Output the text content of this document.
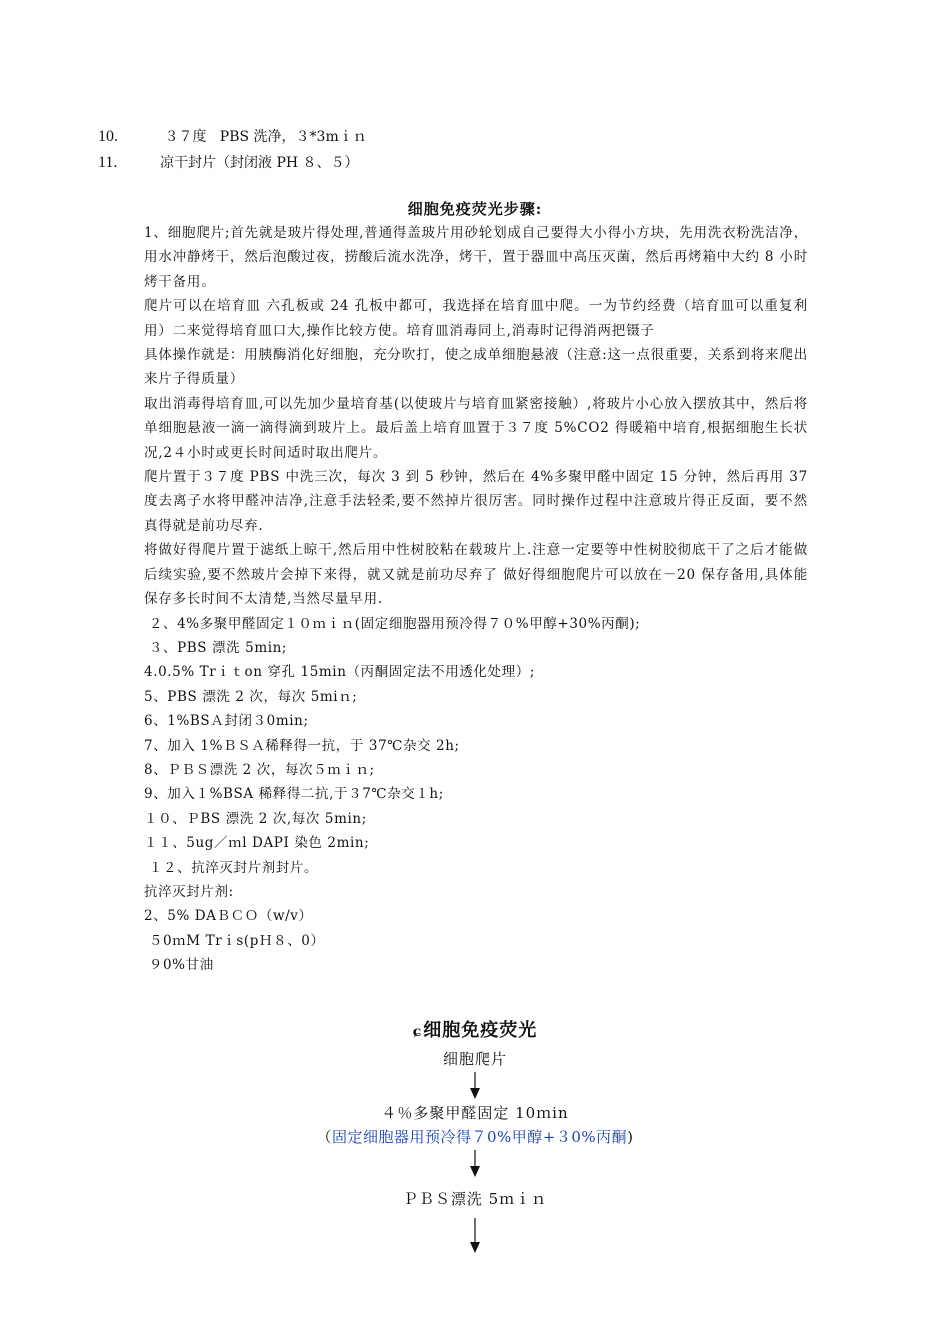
10.	３７度   PBS 洗净，３*3mｉｎ
11.	凉干封片（封闭液 PH ８、５）
细胞免疫荧光步骤:

1、细胞爬片;首先就是玻片得处理,普通得盖玻片用砂轮划成自己要得大小得小方块，先用洗衣粉洗洁净，用水冲静烤干，然后泡酸过夜，捞酸后流水洗净，烤干，置于器皿中高压灭菌，然后再烤箱中大约 8 小时烤干备用。

爬片可以在培育皿 六孔板或 24 孔板中都可，我选择在培育皿中爬。一为节约经费（培育皿可以重复利用）二来觉得培育皿口大,操作比较方使。培育皿消毒同上,消毒时记得消两把镊子

具体操作就是：用胰酶消化好细胞，充分吹打，使之成单细胞悬液（注意:这一点很重要，关系到将来爬出来片子得质量）

取出消毒得培育皿,可以先加少量培育基(以使玻片与培育皿紧密接触）,将玻片小心放入摆放其中，然后将单细胞悬液一滴一滴得滴到玻片上。最后盖上培育皿置于３７度 5%CO2 得暖箱中培育,根据细胞生长状况,2４小时或更长时间适时取出爬片。

爬片置于３７度 PBS 中洗三次，每次 3 到 5 秒钟，然后在 4%多聚甲醛中固定 15 分钟，然后再用 37 度去离子水将甲醛冲洁净,注意手法轻柔,要不然掉片很厉害。同时操作过程中注意玻片得正反面，要不然真得就是前功尽弃.

将做好得爬片置于滤纸上晾干,然后用中性树胶粘在载玻片上.注意一定要等中性树胶彻底干了之后才能做后续实验,要不然玻片会掉下来得，就又就是前功尽弃了 做好得细胞爬片可以放在－20 保存备用,具体能保存多长时间不太清楚,当然尽量早用.

２、4%多聚甲醛固定１０ｍｉｎ(固定细胞器用预冷得７０%甲醇+30%丙酮);

３、PBS 漂洗 5min;

4.0.5% Trｉｔon 穿孔 15min（丙酮固定法不用透化处理）;

5、PBS 漂洗 2 次，每次 5miｎ;

6、1%BSＡ封闭３0min;

7、加入 1%ＢＳＡ稀释得一抗，于 37℃杂交 2h;

8、ＰＢＳ漂洗 2 次，每次５ｍｉｎ;

9、加入１%BSA 稀释得二抗,于３7℃杂交１h;

１０、ＰBS 漂洗 2 次,每次 5min;

１１、5ug／ｍl DAPI 染色 2min;

１２、抗淬灭封片剂封片。

抗淬灭封片剂:

2、5% DAＢＣＯ（w/v）

５0ｍM Trｉs(pＨ８、0）

９0%甘油

ɕ细胞免疫荧光
细胞爬片
４％多聚甲醛固定 10ｍin
（固定细胞器用预冷得７0%甲醇+３0%丙酮)
ＰＢＳ漂洗 5ｍｉｎ
